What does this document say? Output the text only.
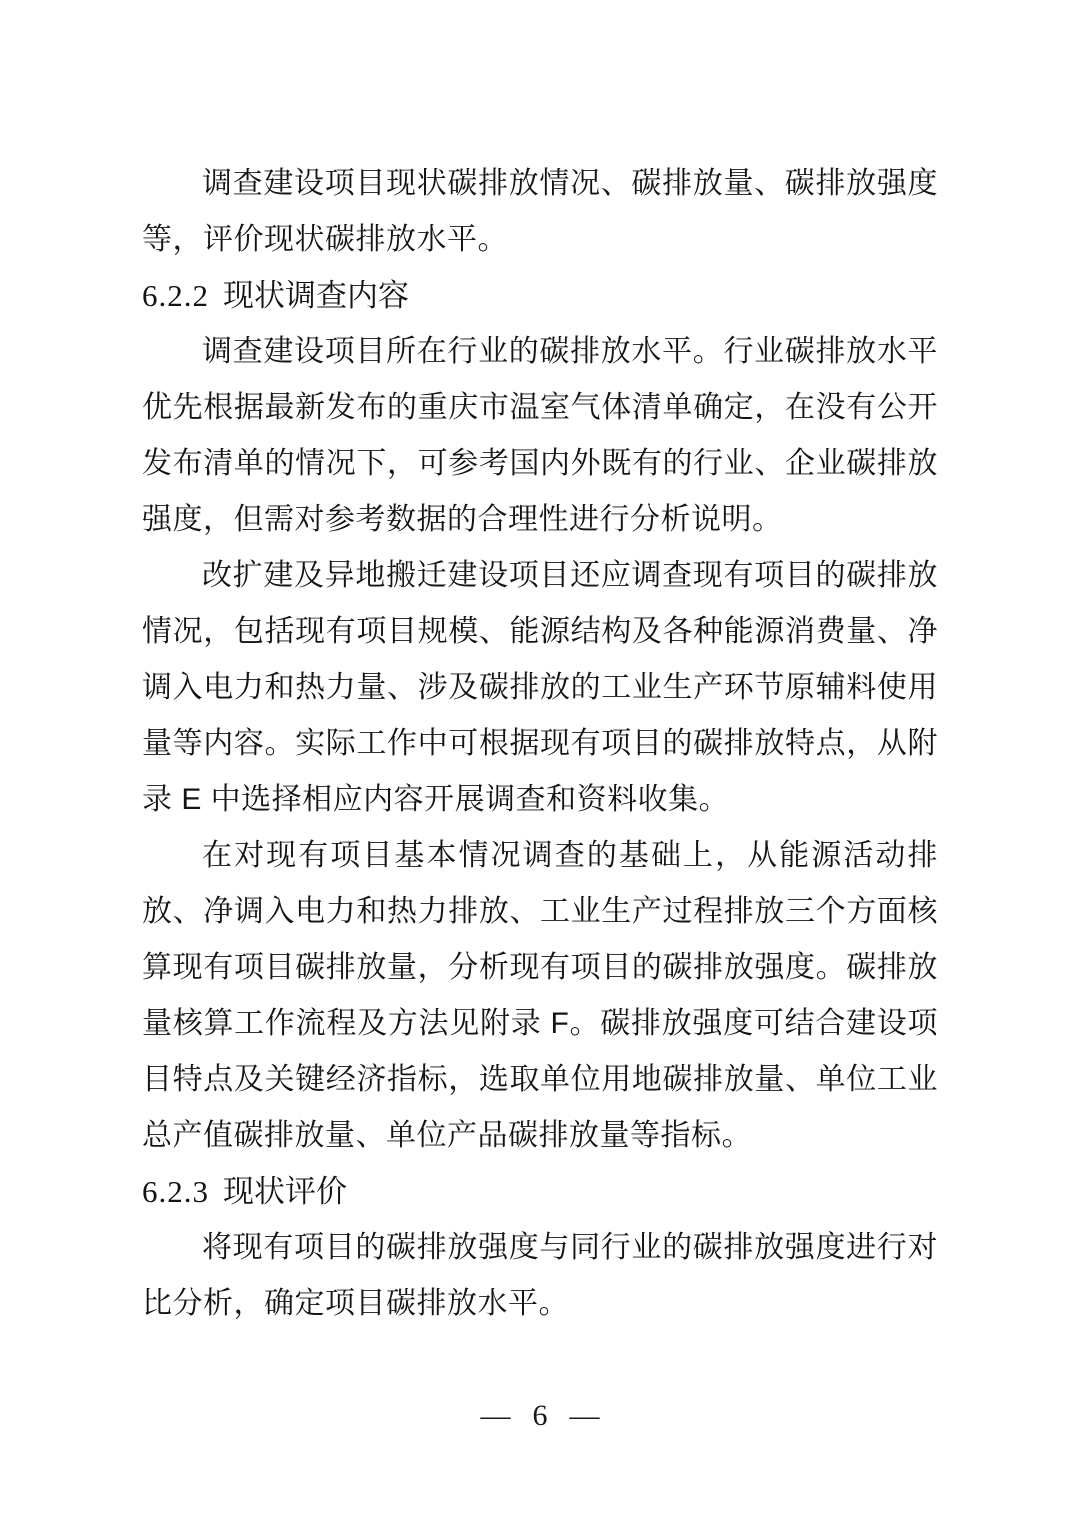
调查建设项目现状碳排放情况、碳排放量、碳排放强度等，评价现状碳排放水平。

6.2.2 现状调查内容

调查建设项目所在行业的碳排放水平。行业碳排放水平优先根据最新发布的重庆市温室气体清单确定，在没有公开发布清单的情况下，可参考国内外既有的行业、企业碳排放强度，但需对参考数据的合理性进行分析说明。

改扩建及异地搬迁建设项目还应调查现有项目的碳排放情况，包括现有项目规模、能源结构及各种能源消费量、净调入电力和热力量、涉及碳排放的工业生产环节原辅料使用量等内容。实际工作中可根据现有项目的碳排放特点，从附录 E 中选择相应内容开展调查和资料收集。

在对现有项目基本情况调查的基础上，从能源活动排放、净调入电力和热力排放、工业生产过程排放三个方面核算现有项目碳排放量，分析现有项目的碳排放强度。碳排放量核算工作流程及方法见附录 F。碳排放强度可结合建设项目特点及关键经济指标，选取单位用地碳排放量、单位工业总产值碳排放量、单位产品碳排放量等指标。

6.2.3 现状评价

将现有项目的碳排放强度与同行业的碳排放强度进行对比分析，确定项目碳排放水平。

— 6 —
